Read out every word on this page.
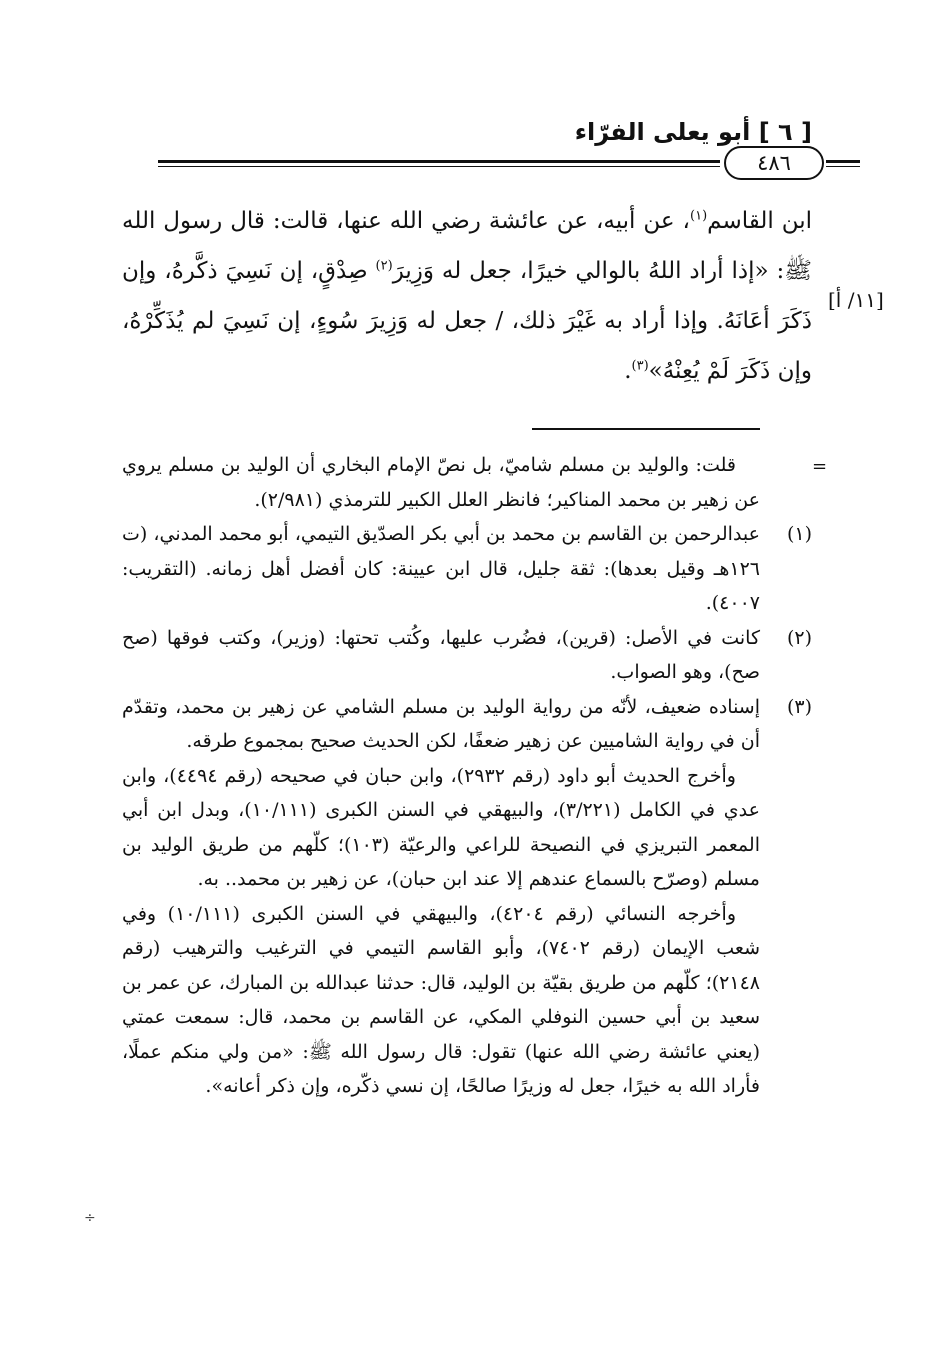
[ ٦ ] أبو يعلى الفرّاء
٤٨٦

ابن القاسم$^{(١)}$، عن أبيه، عن عائشة رضي الله عنها، قالت: قال رسول الله ﷺ: «إذا أراد اللهُ بالوالي خيرًا، جعل له وَزِيرَ$^{(٢)}$ صِدْقٍ، إن نَسِيَ ذكَّرهُ، وإن ذَكَرَ أعَانَهُ. وإذا أراد به غَيْرَ ذلك، / جعل له وَزِيرَ سُوءٍ، إن نَسِيَ لم يُذَكِّرْهُ، وإن ذَكَرَ لَمْ يُعِنْهُ»$^{(٣)}$.

[١١/ أ]
=

قلت: والوليد بن مسلم شاميّ، بل نصّ الإمام البخاري أن الوليد بن مسلم يروي عن زهير بن محمد المناكير؛ فانظر العلل الكبير للترمذي (٢/٩٨١).

(١)

عبدالرحمن بن القاسم بن محمد بن أبي بكر الصدّيق التيمي، أبو محمد المدني، (ت ١٢٦هـ وقيل بعدها): ثقة جليل، قال ابن عيينة: كان أفضل أهل زمانه. (التقريب: ٤٠٠٧).

(٢)

كانت في الأصل: (قرين)، فضُرب عليها، وكُتب تحتها: (وزير)، وكتب فوقها (صح صح)، وهو الصواب.

(٣)

إسناده ضعيف، لأنّه من رواية الوليد بن مسلم الشامي عن زهير بن محمد، وتقدّم أن في رواية الشاميين عن زهير ضعفًا، لكن الحديث صحيح بمجموع طرقه.

وأخرج الحديث أبو داود (رقم ٢٩٣٢)، وابن حبان في صحيحه (رقم ٤٤٩٤)، وابن عدي في الكامل (٣/٢٢١)، والبيهقي في السنن الكبرى (١٠/١١١)، وبدل ابن أبي المعمر التبريزي في النصيحة للراعي والرعيّة (١٠٣)؛ كلّهم من طريق الوليد بن مسلم (وصرّح بالسماع عندهم إلا عند ابن حبان)، عن زهير بن محمد.. به.

وأخرجه النسائي (رقم ٤٢٠٤)، والبيهقي في السنن الكبرى (١٠/١١١) وفي شعب الإيمان (رقم ٧٤٠٢)، وأبو القاسم التيمي في الترغيب والترهيب (رقم ٢١٤٨)؛ كلّهم من طريق بقيّة بن الوليد، قال: حدثنا عبدالله بن المبارك، عن عمر بن سعيد بن أبي حسين النوفلي المكي، عن القاسم بن محمد، قال: سمعت عمتي (يعني عائشة رضي الله عنها) تقول: قال رسول الله ﷺ: «من ولي منكم عملًا، فأراد الله به خيرًا، جعل له وزيرًا صالحًا، إن نسي ذكّره، وإن ذكر أعانه».

÷
